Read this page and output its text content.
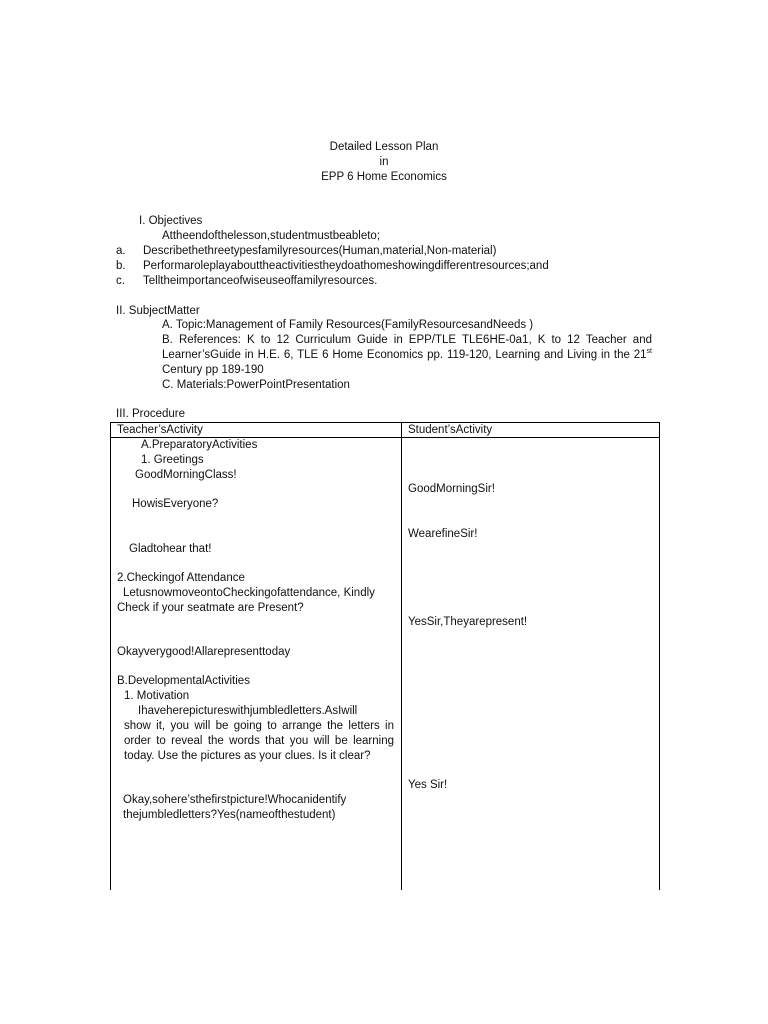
Detailed Lesson Plan

in

EPP 6 Home Economics

I. Objectives

Attheendofthelesson,studentmustbeableto;

a. Describethethreetypesfamilyresources(Human,material,Non-material)

b. Performaroleplayabouttheactivitiestheydoathomeshowingdifferentresources;and

c. Telltheimportanceofwiseuseoffamilyresources.

II. SubjectMatter

A. Topic:Management of Family Resources(FamilyResourcesandNeeds )

B. References: K to 12 Curriculum Guide in EPP/TLE TLE6HE-0a1, K to 12 Teacher and Learner’sGuide in H.E. 6, TLE 6 Home Economics pp. 119-120, Learning and Living in the 21st Century pp 189-190

C. Materials:PowerPointPresentation

III. Procedure

Teacher’sActivity	Student’sActivity
A.PreparatoryActivities
1. Greetings
GoodMorningClass!
HowisEveryone?
Gladtohear that!
2.Checkingof Attendance
LetusnowmoveontoCheckingofattendance, Kindly
Check if your seatmate are Present?
Okayverygood!Allarepresenttoday
B.DevelopmentalActivities
1. Motivation
Ihaveherepictureswithjumbledletters.AsIwill
show it, you will be going to arrange the letters in order to reveal the words that you will be learning today. Use the pictures as your clues. Is it clear?
Okay,sohere’sthefirstpicture!Whocanidentify
thejumbledletters?Yes(nameofthestudent)
GoodMorningSir!
WearefineSir!
YesSir,Theyarepresent!
Yes Sir!
